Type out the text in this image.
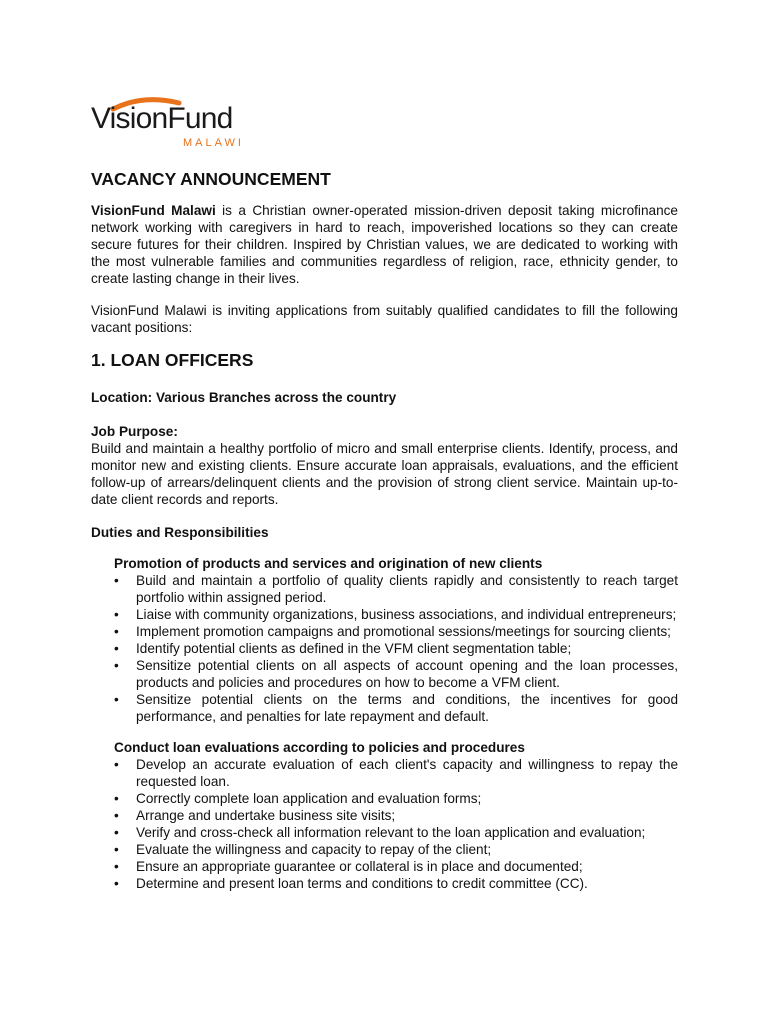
VisionFund
MALAWI
VACANCY ANNOUNCEMENT

VisionFund Malawi is a Christian owner-operated mission-driven deposit taking microfinance network working with caregivers in hard to reach, impoverished locations so they can create secure futures for their children. Inspired by Christian values, we are dedicated to working with the most vulnerable families and communities regardless of religion, race, ethnicity gender, to create lasting change in their lives.

VisionFund Malawi is inviting applications from suitably qualified candidates to fill the following vacant positions:

1. LOAN OFFICERS

Location: Various Branches across the country

Job Purpose:

Build and maintain a healthy portfolio of micro and small enterprise clients. Identify, process, and monitor new and existing clients. Ensure accurate loan appraisals, evaluations, and the efficient follow-up of arrears/delinquent clients and the provision of strong client service. Maintain up-to-date client records and reports.

Duties and Responsibilities

Promotion of products and services and origination of new clients

• Build and maintain a portfolio of quality clients rapidly and consistently to reach target portfolio within assigned period.
• Liaise with community organizations, business associations, and individual entrepreneurs;
• Implement promotion campaigns and promotional sessions/meetings for sourcing clients;
• Identify potential clients as defined in the VFM client segmentation table;
• Sensitize potential clients on all aspects of account opening and the loan processes, products and policies and procedures on how to become a VFM client.
• Sensitize potential clients on the terms and conditions, the incentives for good performance, and penalties for late repayment and default.

Conduct loan evaluations according to policies and procedures

• Develop an accurate evaluation of each client's capacity and willingness to repay the requested loan.
• Correctly complete loan application and evaluation forms;
• Arrange and undertake business site visits;
• Verify and cross-check all information relevant to the loan application and evaluation;
• Evaluate the willingness and capacity to repay of the client;
• Ensure an appropriate guarantee or collateral is in place and documented;
• Determine and present loan terms and conditions to credit committee (CC).
